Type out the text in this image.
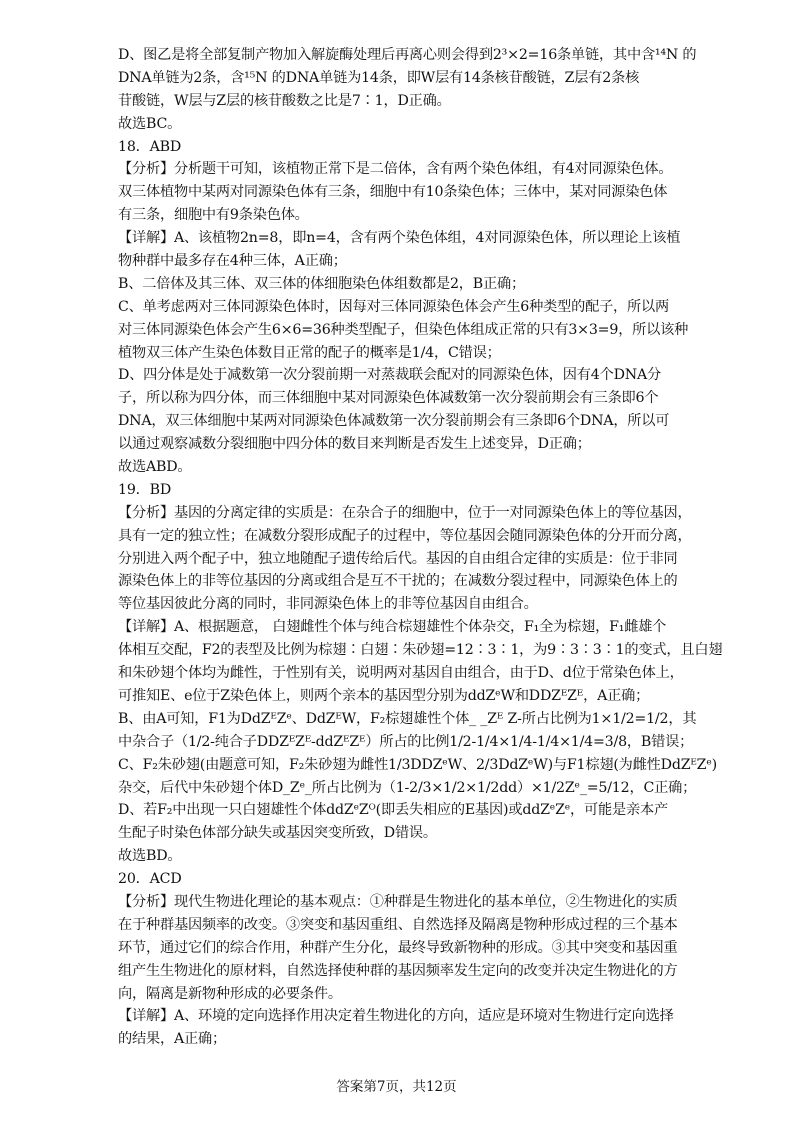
D、图乙是将全部复制产物加入解旋酶处理后再离心则会得到2³×2=16条单链，其中含¹⁴N 的
DNA单链为2条，含¹⁵N 的DNA单链为14条，即W层有14条核苷酸链，Z层有2条核
苷酸链，W层与Z层的核苷酸数之比是7∶1，D正确。
故选BC。
18．ABD
【分析】分析题干可知，该植物正常下是二倍体，含有两个染色体组，有4对同源染色体。
双三体植物中某两对同源染色体有三条，细胞中有10条染色体；三体中，某对同源染色体
有三条，细胞中有9条染色体。
【详解】A、该植物2n=8，即n=4，含有两个染色体组，4对同源染色体，所以理论上该植
物种群中最多存在4种三体，A正确；
B、二倍体及其三体、双三体的体细胞染色体组数都是2，B正确；
C、单考虑两对三体同源染色体时，因每对三体同源染色体会产生6种类型的配子，所以两
对三体同源染色体会产生6×6=36种类型配子，但染色体组成正常的只有3×3=9，所以该种
植物双三体产生染色体数目正常的配子的概率是1/4，C错误；
D、四分体是处于减数第一次分裂前期一对蒸裁联会配对的同源染色体，因有4个DNA分
子，所以称为四分体，而三体细胞中某对同源染色体减数第一次分裂前期会有三条即6个
DNA，双三体细胞中某两对同源染色体减数第一次分裂前期会有三条即6个DNA，所以可
以通过观察减数分裂细胞中四分体的数目来判断是否发生上述变异，D正确；
故选ABD。
19．BD
【分析】基因的分离定律的实质是：在杂合子的细胞中，位于一对同源染色体上的等位基因，
具有一定的独立性；在减数分裂形成配子的过程中，等位基因会随同源染色体的分开而分离，
分别进入两个配子中，独立地随配子遗传给后代。基因的自由组合定律的实质是：位于非同
源染色体上的非等位基因的分离或组合是互不干扰的；在减数分裂过程中，同源染色体上的
等位基因彼此分离的同时，非同源染色体上的非等位基因自由组合。
【详解】A、根据题意， 白翅雌性个体与纯合棕翅雄性个体杂交，F₁全为棕翅，F₁雌雄个
体相互交配，F2的表型及比例为棕翅∶白翅∶朱砂翅=12∶3∶1，为9∶3∶3∶1的变式，且白翅
和朱砂翅个体均为雌性，于性别有关，说明两对基因自由组合，由于D、d位于常染色体上，
可推知E、e位于Z染色体上，则两个亲本的基因型分别为ddZᵉW和DDZᴱZᴱ，A正确；
B、由A可知，F1为DdZᴱZᵉ、DdZᴱW，F₂棕翅雄性个体_ _Zᴱ Z-所占比例为1×1/2=1/2，其
中杂合子（1/2-纯合子DDZᴱZᴱ-ddZᴱZᴱ）所占的比例1/2-1/4×1/4-1/4×1/4=3/8，B错误；
C、F₂朱砂翅(由题意可知，F₂朱砂翅为雌性1/3DDZᵉW、2/3DdZᵉW)与F1棕翅(为雌性DdZᴱZᵉ)
杂交，后代中朱砂翅个体D_Zᵉ_所占比例为（1-2/3×1/2×1/2dd）×1/2Zᵉ_=5/12，C正确；
D、若F₂中出现一只白翅雄性个体ddZᵉZᴼ(即丢失相应的E基因)或ddZᵉZᵉ，可能是亲本产
生配子时染色体部分缺失或基因突变所致，D错误。
故选BD。
20．ACD
【分析】现代生物进化理论的基本观点：①种群是生物进化的基本单位，②生物进化的实质
在于种群基因频率的改变。③突变和基因重组、自然选择及隔离是物种形成过程的三个基本
环节，通过它们的综合作用，种群产生分化，最终导致新物种的形成。③其中突变和基因重
组产生生物进化的原材料，自然选择使种群的基因频率发生定向的改变并决定生物进化的方
向，隔离是新物种形成的必要条件。
【详解】A、环境的定向选择作用决定着生物进化的方向，适应是环境对生物进行定向选择
的结果，A正确；
答案第7页，共12页
